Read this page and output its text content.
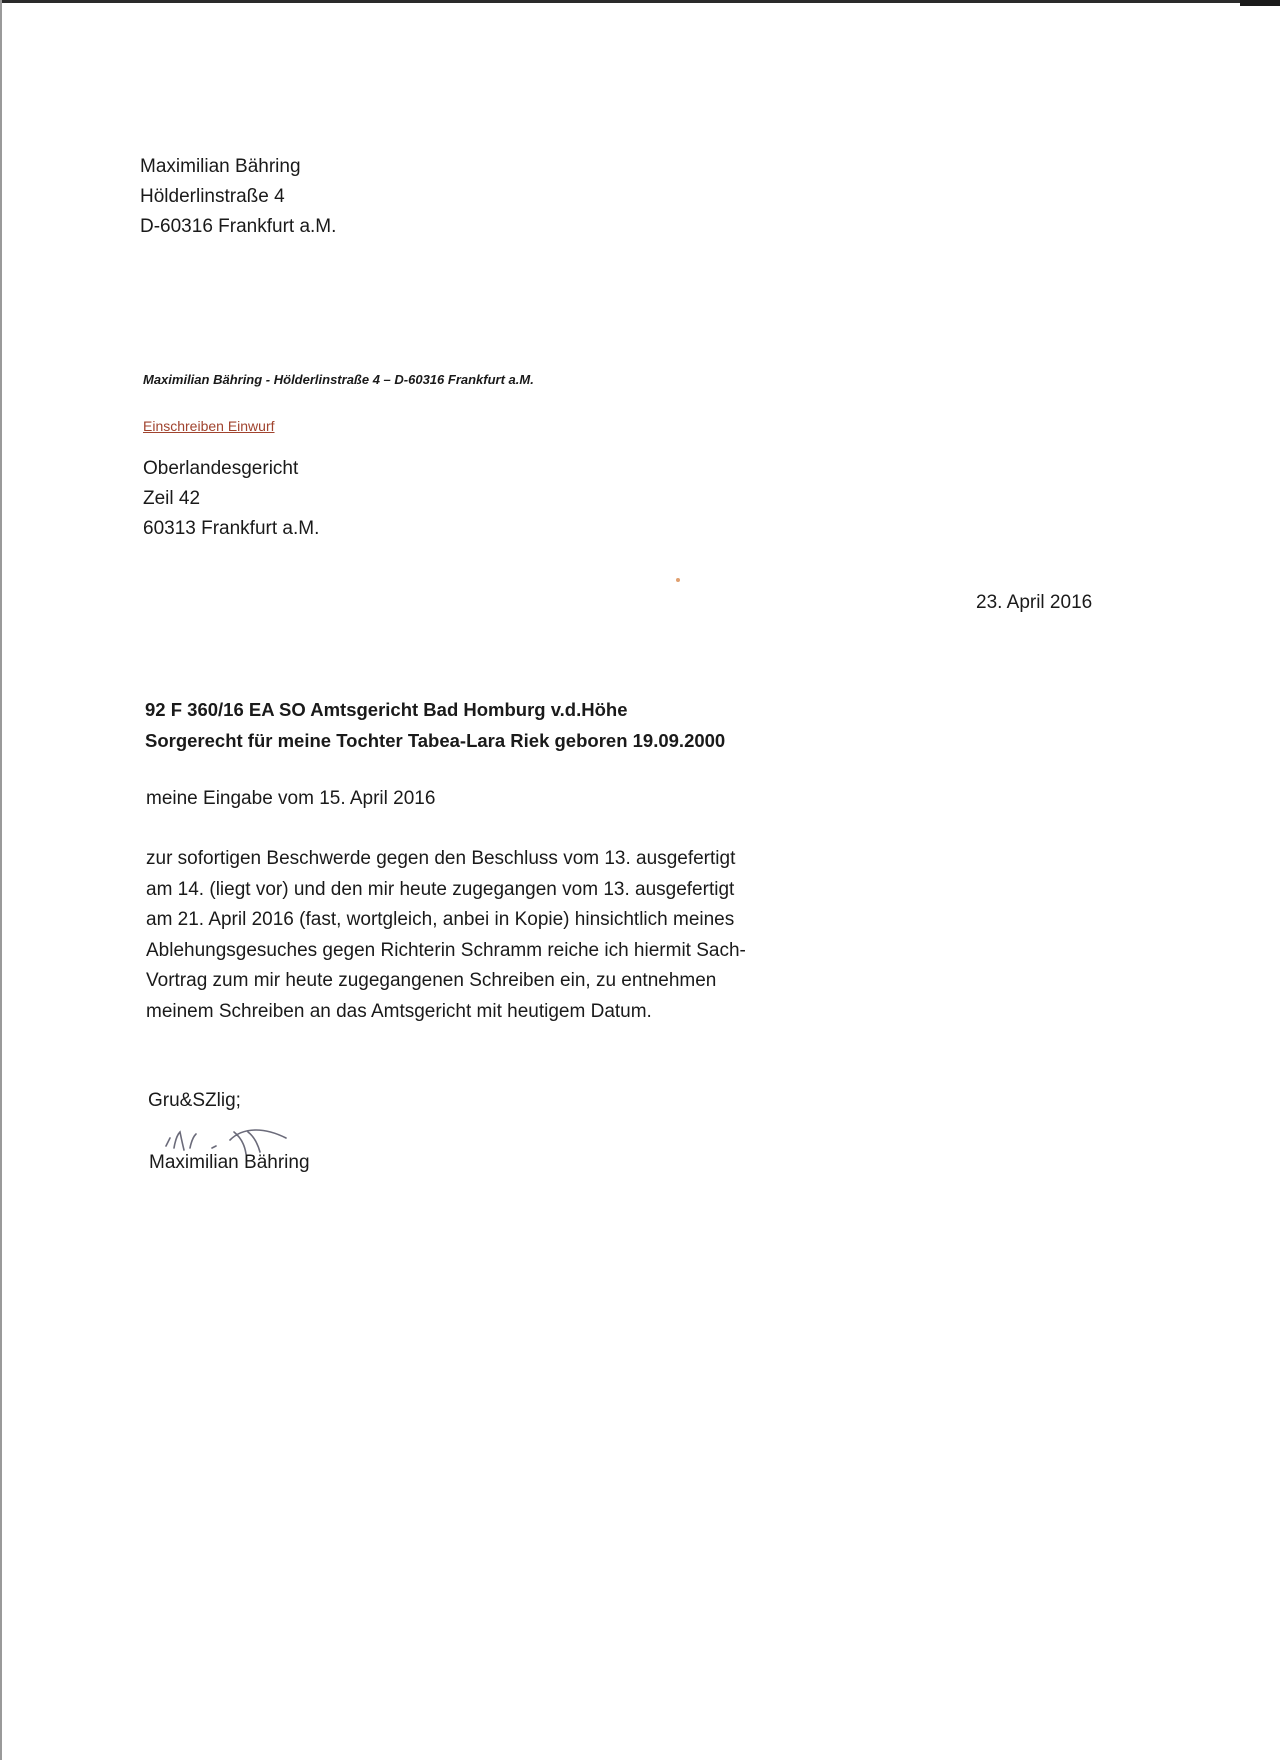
Maximilian Bähring
Hölderlinstraße 4
D-60316 Frankfurt a.M.
Maximilian Bähring - Hölderlinstraße 4 – D-60316 Frankfurt a.M.
Einschreiben Einwurf
Oberlandesgericht
Zeil 42
60313 Frankfurt a.M.
23. April 2016
92 F 360/16 EA SO Amtsgericht Bad Homburg v.d.Höhe
Sorgerecht für meine Tochter Tabea-Lara Riek geboren 19.09.2000
meine Eingabe vom 15. April 2016
zur sofortigen Beschwerde gegen den Beschluss vom 13. ausgefertigt
am 14. (liegt vor) und den mir heute zugegangen vom 13. ausgefertigt
am 21. April 2016 (fast, wortgleich, anbei in Kopie) hinsichtlich meines
Ablehungsgesuches gegen Richterin Schramm reiche ich hiermit Sach-
Vortrag zum mir heute zugegangenen Schreiben ein, zu entnehmen
meinem Schreiben an das Amtsgericht mit heutigem Datum.
Gru&SZlig;
Maximilian Bähring
